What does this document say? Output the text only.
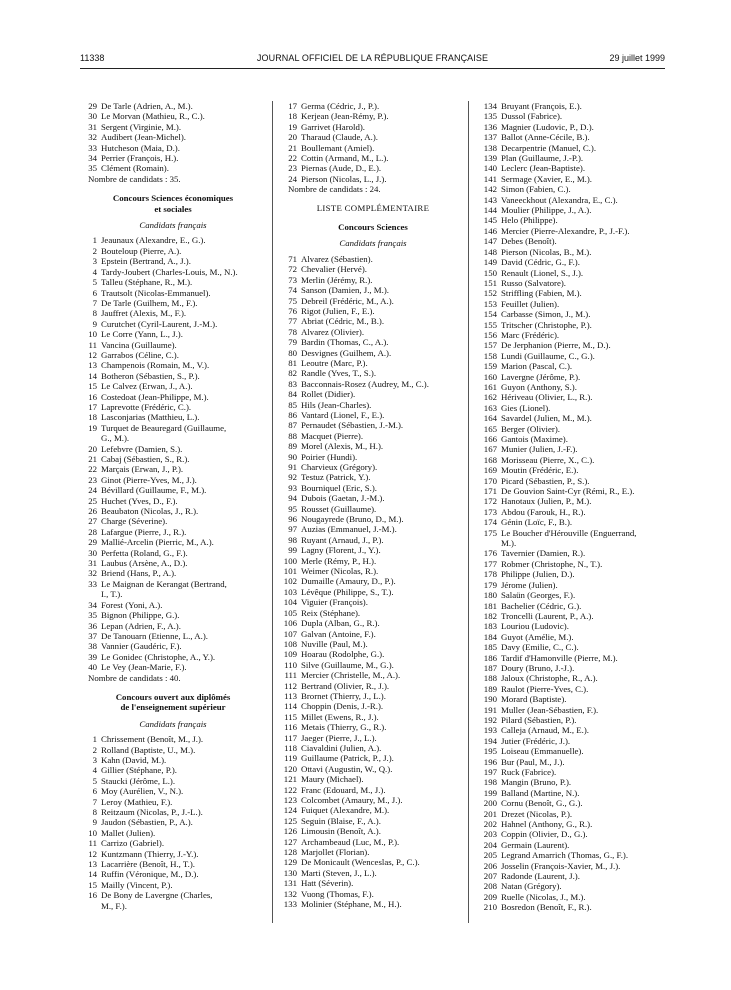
11338	JOURNAL OFFICIEL DE LA RÉPUBLIQUE FRANÇAISE	29 juillet 1999
29 De Tarle (Adrien, A., M.).
30 Le Morvan (Mathieu, R., C.).
31 Sergent (Virginie, M.).
32 Audibert (Jean-Michel).
33 Hutcheson (Maia, D.).
34 Perrier (François, H.).
35 Clément (Romain).
Nombre de candidats : 35.
Concours Sciences économiques
et sociales
Candidats français
1 Jeaunaux (Alexandre, E., G.).
2 Bouteloup (Pierre, A.).
3 Epstein (Bertrand, A., J.).
4 Tardy-Joubert (Charles-Louis, M., N.).
5 Talleu (Stéphane, R., M.).
6 Trautsolt (Nicolas-Emmanuel).
7 De Tarle (Guilhem, M., F.).
8 Jauffret (Alexis, M., F.).
9 Curutchet (Cyril-Laurent, J.-M.).
10 Le Corre (Yann, L., J.).
11 Vancina (Guillaume).
12 Garrabos (Céline, C.).
13 Champenois (Romain, M., V.).
14 Botheron (Sébastien, S., P.).
15 Le Calvez (Erwan, J., A.).
16 Costedoat (Jean-Philippe, M.).
17 Laprevotte (Frédéric, C.).
18 Lasconjarias (Matthieu, L.).
19 Turquet de Beauregard (Guillaume,
G., M.).
20 Lefebvre (Damien, S.).
21 Cabaj (Sébastien, S., R.).
22 Marçais (Erwan, J., P.).
23 Ginot (Pierre-Yves, M., J.).
24 Bévillard (Guillaume, F., M.).
25 Huchet (Yves, D., F.).
26 Beaubaton (Nicolas, J., R.).
27 Charge (Séverine).
28 Lafargue (Pierre, J., R.).
29 Mallié-Arcelin (Pierric, M., A.).
30 Perfetta (Roland, G., F.).
31 Laubus (Arsène, A., D.).
32 Briend (Hans, P., A.).
33 Le Maignan de Kerangat (Bertrand,
I., T.).
34 Forest (Yoni, A.).
35 Bignon (Philippe, G.).
36 Lepan (Adrien, F., A.).
37 De Tanouarn (Etienne, L., A.).
38 Vannier (Gaudéric, F.).
39 Le Gonidec (Christophe, A., Y.).
40 Le Vey (Jean-Marie, F.).
Nombre de candidats : 40.
Concours ouvert aux diplômés
de l'enseignement supérieur
Candidats français
1 Chrissement (Benoît, M., J.).
2 Rolland (Baptiste, U., M.).
3 Kahn (David, M.).
4 Gillier (Stéphane, P.).
5 Staucki (Jérôme, L.).
6 Moy (Aurélien, V., N.).
7 Leroy (Mathieu, F.).
8 Reitzaum (Nicolas, P., J.-L.).
9 Jaudon (Sébastien, P., A.).
10 Mallet (Julien).
11 Carrizo (Gabriel).
12 Kuntzmann (Thierry, J.-Y.).
13 Lacarrière (Benoît, H., T.).
14 Ruffin (Véronique, M., D.).
15 Mailly (Vincent, P.).
16 De Bony de Lavergne (Charles,
M., F.).
17 Germa (Cédric, J., P.).
18 Kerjean (Jean-Rémy, P.).
19 Garrivet (Harold).
20 Tharaud (Claude, A.).
21 Boullemant (Amiel).
22 Cottin (Armand, M., L.).
23 Piernas (Aude, D., E.).
24 Pierson (Nicolas, L., J.).
Nombre de candidats : 24.
LISTE COMPLÉMENTAIRE
Concours Sciences
Candidats français
71 Alvarez (Sébastien).
72 Chevalier (Hervé).
73 Merlin (Jérémy, R.).
74 Sanson (Damien, J., M.).
75 Debreil (Frédéric, M., A.).
76 Rigot (Julien, F., E.).
77 Abriat (Cédric, M., B.).
78 Alvarez (Olivier).
79 Bardin (Thomas, C., A.).
80 Desvignes (Guilhem, A.).
81 Leoutre (Marc, P.).
82 Randle (Yves, T., S.).
83 Bacconnais-Rosez (Audrey, M., C.).
84 Rollet (Didier).
85 Hils (Jean-Charles).
86 Vantard (Lionel, F., E.).
87 Pernaudet (Sébastien, J.-M.).
88 Macquet (Pierre).
89 Morel (Alexis, M., H.).
90 Poirier (Hundi).
91 Charvieux (Grégory).
92 Testuz (Patrick, Y.).
93 Bourniquel (Eric, S.).
94 Dubois (Gaetan, J.-M.).
95 Rousset (Guillaume).
96 Nougayrede (Bruno, D., M.).
97 Auzias (Emmanuel, J.-M.).
98 Ruyant (Arnaud, J., P.).
99 Lagny (Florent, J., Y.).
100 Merle (Rémy, P., H.).
101 Weimer (Nicolas, R.).
102 Dumaille (Amaury, D., P.).
103 Lévêque (Philippe, S., T.).
104 Viguier (François).
105 Reix (Stéphane).
106 Dupla (Alban, G., R.).
107 Galvan (Antoine, F.).
108 Nuville (Paul, M.).
109 Hoarau (Rodolphe, G.).
110 Silve (Guillaume, M., G.).
111 Mercier (Christelle, M., A.).
112 Bertrand (Olivier, R., J.).
113 Brornet (Thierry, J., L.).
114 Choppin (Denis, J.-R.).
115 Millet (Ewens, R., J.).
116 Metais (Thierry, G., R.).
117 Jaeger (Pierre, J., L.).
118 Ciavaldini (Julien, A.).
119 Guillaume (Patrick, P., J.).
120 Ottavi (Augustin, W., Q.).
121 Maury (Michael).
122 Franc (Edouard, M., J.).
123 Colcombet (Amaury, M., J.).
124 Fuiquet (Alexandre, M.).
125 Seguin (Blaise, F., A.).
126 Limousin (Benoît, A.).
127 Archambeaud (Luc, M., P.).
128 Marjollet (Florian).
129 De Monicault (Wenceslas, P., C.).
130 Marti (Steven, J., L.).
131 Hatt (Séverin).
132 Vuong (Thomas, F.).
133 Molinier (Stéphane, M., H.).
134 Bruyant (François, E.).
135 Dussol (Fabrice).
136 Magnier (Ludovic, P., D.).
137 Ballot (Anne-Cécile, B.).
138 Decarpentrie (Manuel, C.).
139 Plan (Guillaume, J.-P.).
140 Leclerc (Jean-Baptiste).
141 Sermage (Xavier, E., M.).
142 Simon (Fabien, C.).
143 Vaneeckhout (Alexandra, E., C.).
144 Moulier (Philippe, J., A.).
145 Helo (Philippe).
146 Mercier (Pierre-Alexandre, P., J.-F.).
147 Debes (Benoît).
148 Pierson (Nicolas, B., M.).
149 David (Cédric, G., F.).
150 Renault (Lionel, S., J.).
151 Russo (Salvatore).
152 Striffling (Fabien, M.).
153 Feuillet (Julien).
154 Carbasse (Simon, J., M.).
155 Tritscher (Christophe, P.).
156 Marc (Frédéric).
157 De Jerphanion (Pierre, M., D.).
158 Lundi (Guillaume, C., G.).
159 Marion (Pascal, C.).
160 Lavergne (Jérôme, P.).
161 Guyon (Anthony, S.).
162 Hériveau (Olivier, L., R.).
163 Gies (Lionel).
164 Savardel (Julien, M., M.).
165 Berger (Olivier).
166 Gantois (Maxime).
167 Munier (Julien, J.-F.).
168 Morisseau (Pierre, X., C.).
169 Moutin (Frédéric, E.).
170 Picard (Sébastien, P., S.).
171 De Gouvion Saint-Cyr (Rémi, R., E.).
172 Hanotaux (Julien, P., M.).
173 Abdou (Farouk, H., R.).
174 Génin (Loïc, F., B.).
175 Le Boucher d'Hérouville (Enguerrand,
M.).
176 Tavernier (Damien, R.).
177 Robmer (Christophe, N., T.).
178 Philippe (Julien, D.).
179 Jérome (Julien).
180 Salaün (Georges, F.).
181 Bachelier (Cédric, G.).
182 Troncelli (Laurent, P., A.).
183 Louriou (Ludovic).
184 Guyot (Amélie, M.).
185 Davy (Emilie, C., C.).
186 Tardif d'Hamonville (Pierre, M.).
187 Doury (Bruno, J.-J.).
188 Jaloux (Christophe, R., A.).
189 Raulot (Pierre-Yves, C.).
190 Morard (Baptiste).
191 Muller (Jean-Sébastien, F.).
192 Pilard (Sébastien, P.).
193 Calleja (Arnaud, M., E.).
194 Jutier (Frédéric, J.).
195 Loiseau (Emmanuelle).
196 Bur (Paul, M., J.).
197 Ruck (Fabrice).
198 Mangin (Bruno, P.).
199 Balland (Martine, N.).
200 Cornu (Benoît, G., G.).
201 Drezet (Nicolas, P.).
202 Hahnel (Anthony, G., R.).
203 Coppin (Olivier, D., G.).
204 Germain (Laurent).
205 Legrand Amarrich (Thomas, G., F.).
206 Josselin (François-Xavier, M., J.).
207 Radonde (Laurent, J.).
208 Natan (Grégory).
209 Ruelle (Nicolas, J., M.).
210 Bosredon (Benoît, F., R.).
